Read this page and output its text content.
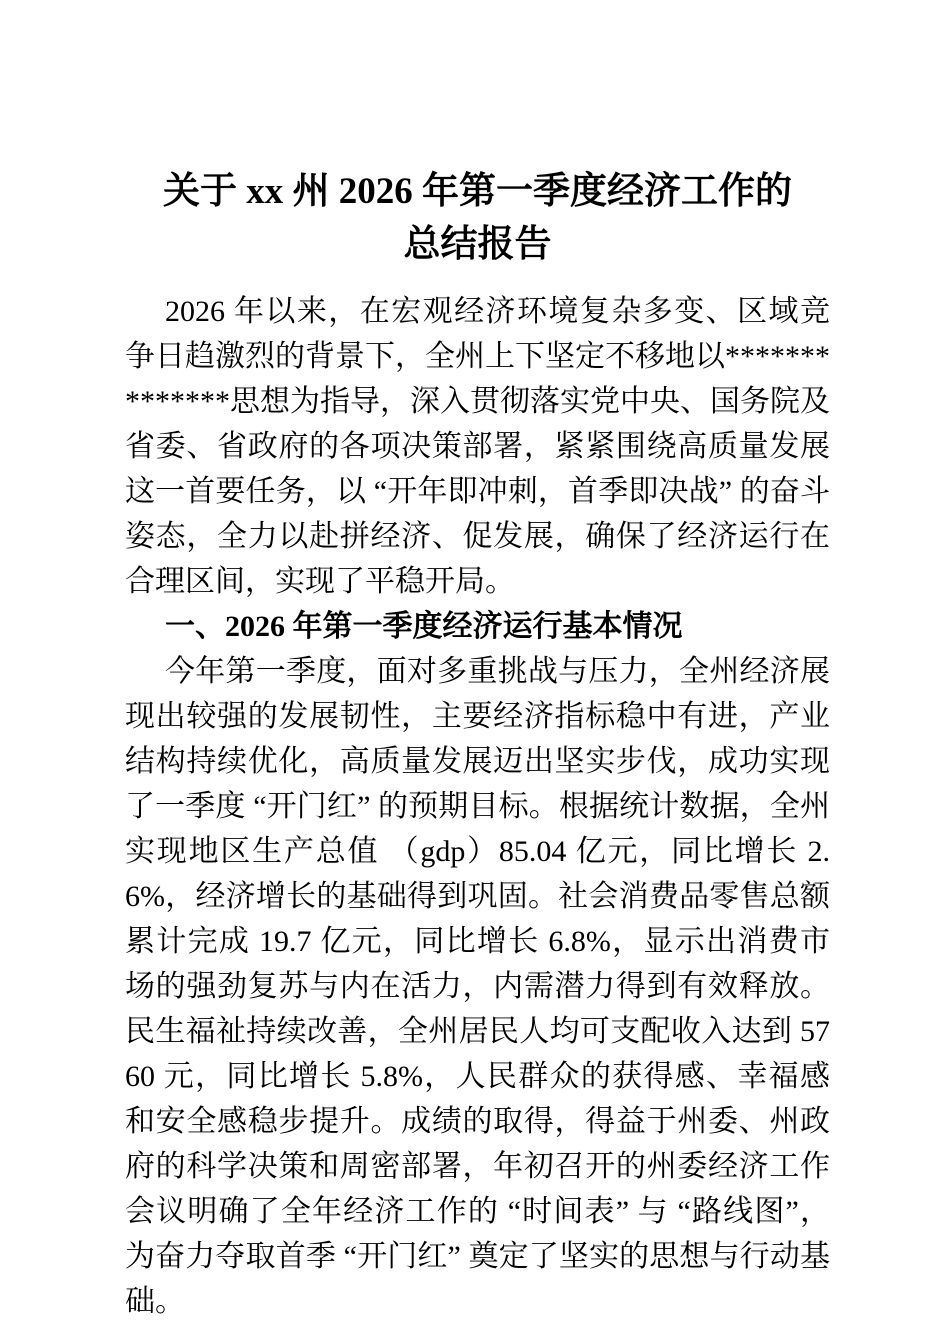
关于 xx 州 2026 年第一季度经济工作的
总结报告

2026 年以来，在宏观经济环境复杂多变、区域竞争日趋激烈的背景下，全州上下坚定不移地以**************思想为指导，深入贯彻落实党中央、国务院及省委、省政府的各项决策部署，紧紧围绕高质量发展这一首要任务，以 “开年即冲刺，首季即决战” 的奋斗姿态，全力以赴拼经济、促发展，确保了经济运行在合理区间，实现了平稳开局。

一、2026 年第一季度经济运行基本情况

今年第一季度，面对多重挑战与压力，全州经济展现出较强的发展韧性，主要经济指标稳中有进，产业结构持续优化，高质量发展迈出坚实步伐，成功实现了一季度 “开门红” 的预期目标。根据统计数据，全州实现地区生产总值 （gdp）85.04 亿元，同比增长 2.6%，经济增长的基础得到巩固。社会消费品零售总额累计完成 19.7 亿元，同比增长 6.8%，显示出消费市场的强劲复苏与内在活力，内需潜力得到有效释放。民生福祉持续改善，全州居民人均可支配收入达到 5760 元，同比增长 5.8%，人民群众的获得感、幸福感和安全感稳步提升。成绩的取得，得益于州委、州政府的科学决策和周密部署，年初召开的州委经济工作会议明确了全年经济工作的 “时间表” 与 “路线图”，为奋力夺取首季 “开门红” 奠定了坚实的思想与行动基础。
